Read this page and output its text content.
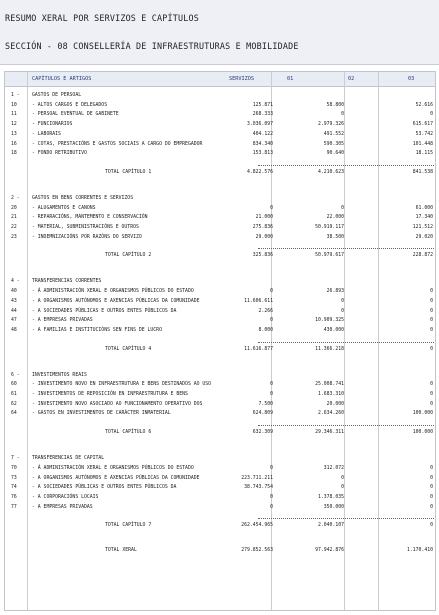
RESUMO XERAL POR SERVIZOS E CAPÍTULOS
SECCIÓN - 08 CONSELLERÍA DE INFRAESTRUTURAS E MOBILIDADE
CAPÍTULOS E ARTIGOS	SERVIZOS	01	02	03
1 -	GASTOS DE PERSOAL
10	- ALTOS CARGOS E DELEGADOS	125.871	58.800	52.616
11	- PERSOAL EVENTUAL DE GABINETE	268.333	0	0
12	- FUNCIONARIOS	3.036.097	2.979.326	615.617
13	- LABORAIS	404.122	491.552	53.742
16	- COTAS, PRESTACIÓNS E GASTOS SOCIAIS A CARGO DO EMPREGADOR	834.340	590.305	101.448
18	- FONDO RETRIBUTIVO	153.813	90.640	18.115
TOTAL CAPÍTULO 1	4.822.576	4.210.623	841.538
2 -	GASTOS EN BENS CORRENTES E SERVIZOS
20	- ALUGAMENTOS E CANONS	0	0	61.000
21	- REPARACIÓNS, MANTEMENTO E CONSERVACIÓN	21.000	22.000	17.340
22	- MATERIAL, SUBMINISTRACIÓNS E OUTROS	275.836	50.919.117	121.512
23	- INDEMNIZACIÓNS POR RAZÓNS DO SERVIZO	29.000	38.500	29.020
TOTAL CAPÍTULO 2	325.836	50.979.617	228.872
4 -	TRANSFERENCIAS CORRENTES
40	- Á ADMINISTRACIÓN XERAL E ORGANISMOS PÚBLICOS DO ESTADO	0	26.893	0
43	- A ORGANISMOS AUTÓNOMOS E AXENCIAS PÚBLICAS DA COMUNIDADE	11.606.611	0	0
44	- A SOCIEDADES PÚBLICAS E OUTROS ENTES PÚBLICOS DA	2.266	0	0
47	- A EMPRESAS PRIVADAS	0	10.909.325	0
48	- A FAMILIAS E INSTITUCIÓNS SEN FINS DE LUCRO	8.000	430.000	0
TOTAL CAPÍTULO 4	11.616.877	11.366.218	0
6 -	INVESTIMENTOS REAIS
60	- INVESTIMENTO NOVO EN INFRAESTRUTURA E BENS DESTINADOS AO USO	0	25.008.741	0
61	- INVESTIMENTOS DE REPOSICIÓN EN INFRAESTRUTURA E BENS	0	1.683.310	0
62	- INVESTIMENTO NOVO ASOCIADO AO FUNCIONAMENTO OPERATIVO DOS	7.500	20.000	0
64	- GASTOS EN INVESTIMENTOS DE CARÁCTER INMATERIAL	624.809	2.634.260	100.000
TOTAL CAPÍTULO 6	632.309	29.346.311	100.000
7 -	TRANSFERENCIAS DE CAPITAL
70	- Á ADMINISTRACIÓN XERAL E ORGANISMOS PÚBLICOS DO ESTADO	0	312.072	0
73	- A ORGANISMOS AUTÓNOMOS E AXENCIAS PÚBLICAS DA COMUNIDADE	223.711.211	0	0
74	- A SOCIEDADES PÚBLICAS E OUTROS ENTES PÚBLICOS DA	38.743.754	0	0
76	- A CORPORACIÓNS LOCAIS	0	1.378.035	0
77	- A EMPRESAS PRIVADAS	0	350.000	0
TOTAL CAPÍTULO 7	262.454.965	2.040.107	0
TOTAL XERAL	279.852.563	97.942.876	1.170.410
